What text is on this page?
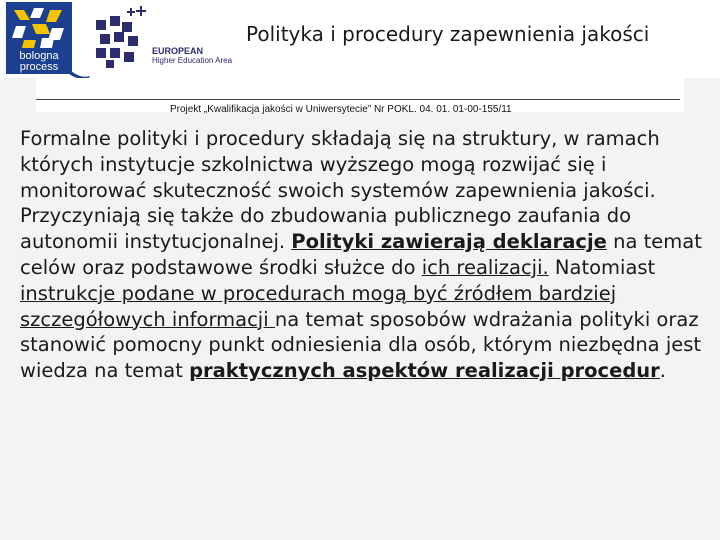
bologna
process
EUROPEAN
Higher Education Area
Polityka i procedury zapewnienia jakości
Projekt „Kwalifikacja jakości w Uniwersytecie” Nr POKL. 04. 01. 01-00-155/11

Formalne polityki i procedury składają się na struktury, w ramach których instytucje szkolnictwa wyższego mogą rozwijać się i monitorować skuteczność swoich systemów zapewnienia jakości. Przyczyniają się także do zbudowania publicznego zaufania do autonomii instytucjonalnej. Polityki zawierają deklaracje na temat celów oraz podstawowe środki służce do ich realizacji. Natomiast instrukcje podane w procedurach mogą być źródłem bardziej szczegółowych informacji na temat sposobów wdrażania polityki oraz stanowić pomocny punkt odniesienia dla osób, którym niezbędna jest wiedza na temat praktycznych aspektów realizacji procedur.
